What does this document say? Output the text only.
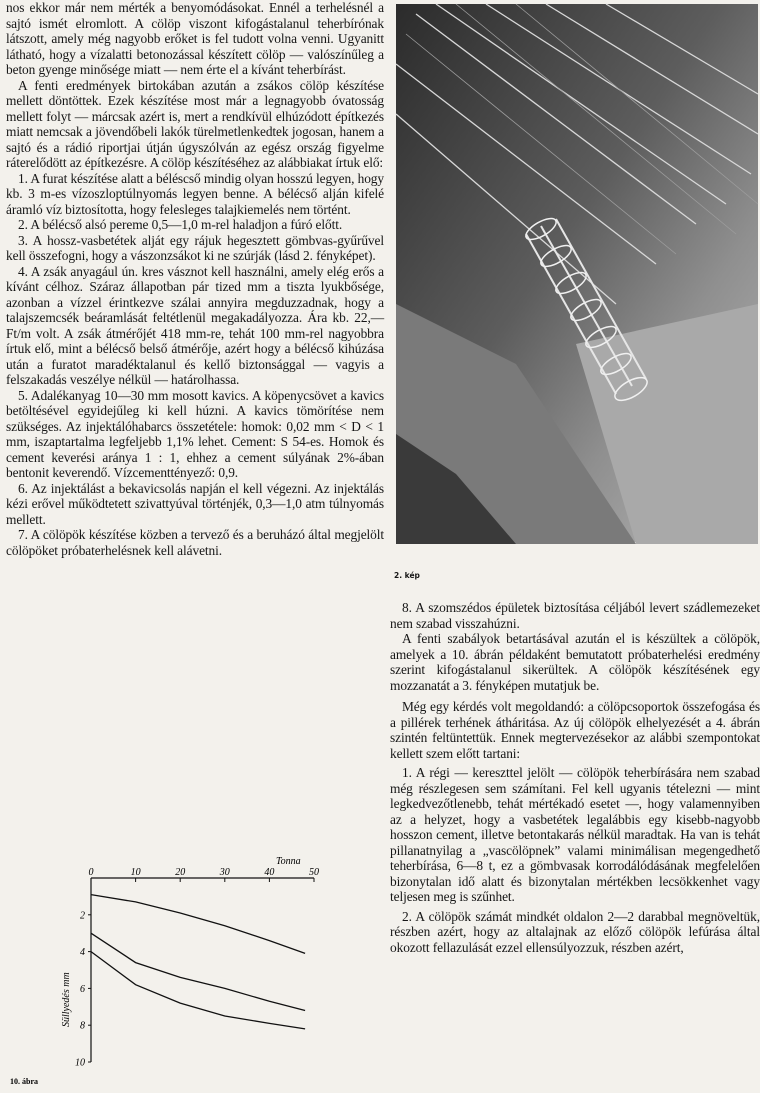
nos ekkor már nem mérték a benyomódásokat. Ennél a terhelésnél a sajtó ismét elromlott. A cölöp viszont kifogástalanul teherbírónak látszott, amely még nagyobb erőket is fel tudott volna venni. Ugyanitt látható, hogy a vízalatti betonozással készített cölöp — valószínűleg a beton gyenge minősége miatt — nem érte el a kívánt teherbírást.

A fenti eredmények birtokában azután a zsákos cölöp készítése mellett döntöttek. Ezek készítése most már a legnagyobb óvatosság mellett folyt — márcsak azért is, mert a rendkívül elhúzódott építkezés miatt nemcsak a jövendőbeli lakók türelmetlenkedtek jogosan, hanem a sajtó és a rádió riportjai útján úgyszólván az egész ország figyelme ráterelődött az építkezésre. A cölöp készítéséhez az alábbiakat írtuk elő:

1. A furat készítése alatt a béléscső mindig olyan hosszú legyen, hogy kb. 3 m-es vízoszloptúlnyomás legyen benne. A bélécső alján kifelé áramló víz biztosította, hogy felesleges talajkiemelés nem történt.

2. A bélécső alsó pereme 0,5—1,0 m-rel haladjon a fúró előtt.

3. A hossz-vasbetétek alját egy rájuk hegesztett gömbvas-gyűrűvel kell összefogni, hogy a vászonzsákot ki ne szúrják (lásd 2. fényképet).

4. A zsák anyagául ún. kres vásznot kell használni, amely elég erős a kívánt célhoz. Száraz állapotban pár tized mm a tiszta lyukbősége, azonban a vízzel érintkezve szálai annyira megduzzadnak, hogy a talajszemcsék beáramlását feltétlenül megakadályozza. Ára kb. 22,— Ft/m volt. A zsák átmérőjét 418 mm-re, tehát 100 mm-rel nagyobbra írtuk elő, mint a bélécső belső átmérője, azért hogy a bélécső kihúzása után a furatot maradéktalanul és kellő biztonsággal — vagyis a felszakadás veszélye nélkül — határolhassa.

5. Adalékanyag 10—30 mm mosott kavics. A köpenycsövet a kavics betöltésével egyidejűleg ki kell húzni. A kavics tömörítése nem szükséges. Az injektálóhabarcs összetétele: homok: 0,02 mm < D < 1 mm, iszaptartalma legfeljebb 1,1% lehet. Cement: S 54-es. Homok és cement keverési aránya 1 : 1, ehhez a cement súlyának 2%-ában bentonit keverendő. Vízcementtényező: 0,9.

6. Az injektálást a bekavicsolás napján el kell végezni. Az injektálás kézi erővel működtetett szivattyúval történjék, 0,3—1,0 atm túlnyomás mellett.

7. A cölöpök készítése közben a tervező és a beruházó által megjelölt cölöpöket próbaterhelésnek kell alávetni.

2. kép

8. A szomszédos épületek biztosítása céljából levert szádlemezeket nem szabad visszahúzni.

A fenti szabályok betartásával azután el is készültek a cölöpök, amelyek a 10. ábrán példaként bemutatott próbaterhelési eredmény szerint kifogástalanul sikerültek. A cölöpök készítésének egy mozzanatát a 3. fényképen mutatjuk be.

Még egy kérdés volt megoldandó: a cölöpcsoportok összefogása és a pillérek terhének átháritása. Az új cölöpök elhelyezését a 4. ábrán szintén feltüntettük. Ennek megtervezésekor az alábbi szempontokat kellett szem előtt tartani:

1. A régi — kereszttel jelölt — cölöpök teherbírására nem szabad még részlegesen sem számítani. Fel kell ugyanis tételezni — mint legkedvezőtlenebb, tehát mértékadó esetet —, hogy valamennyiben az a helyzet, hogy a vasbetétek legalábbis egy kisebb-nagyobb hosszon cement, illetve betontakarás nélkül maradtak. Ha van is tehát pillanatnyilag a „vascölöpnek” valami minimálisan megengedhető teherbírása, 6—8 t, ez a gömbvasak korrodálódásának megfelelően bizonytalan idő alatt és bizonytalan mértékben lecsökkenhet vagy teljesen meg is szűnhet.

2. A cölöpök számát mindkét oldalon 2—2 darabbal megnöveltük, részben azért, hogy az altalajnak az előző cölöpök lefúrása által okozott fellazulását ezzel ellensúlyozzuk, részben azért,

Tonna
Süllyedés mm
0	10	20	30	40	50
2
4
6
8
10
10. ábra
